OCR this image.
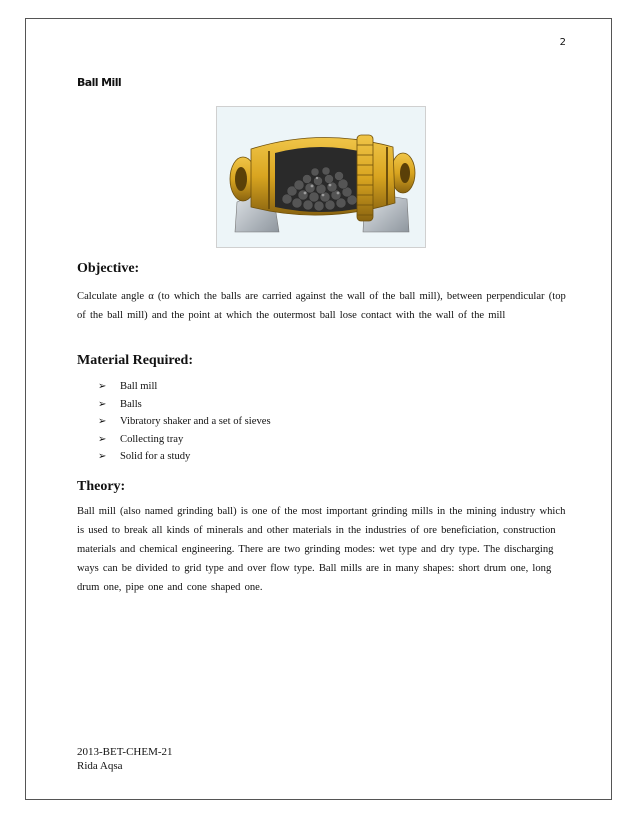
2
Ball Mill
Objective:
Calculate angle α (to which the balls are carried against the wall of the ball mill), between perpendicular (top of the ball mill) and the point at which the outermost ball lose contact with the wall of the mill
Material Required:
➢ Ball mill
➢ Balls
➢ Vibratory shaker and a set of sieves
➢ Collecting tray
➢ Solid for a study
Theory:
Ball mill (also named grinding ball) is one of the most important grinding mills in the mining industry which is used to break all kinds of minerals and other materials in the industries of ore beneficiation, construction materials and chemical engineering. There are two grinding modes: wet type and dry type. The discharging ways can be divided to grid type and over flow type. Ball mills are in many shapes: short drum one, long drum one, pipe one and cone shaped one.
2013-BET-CHEM-21
Rida Aqsa
